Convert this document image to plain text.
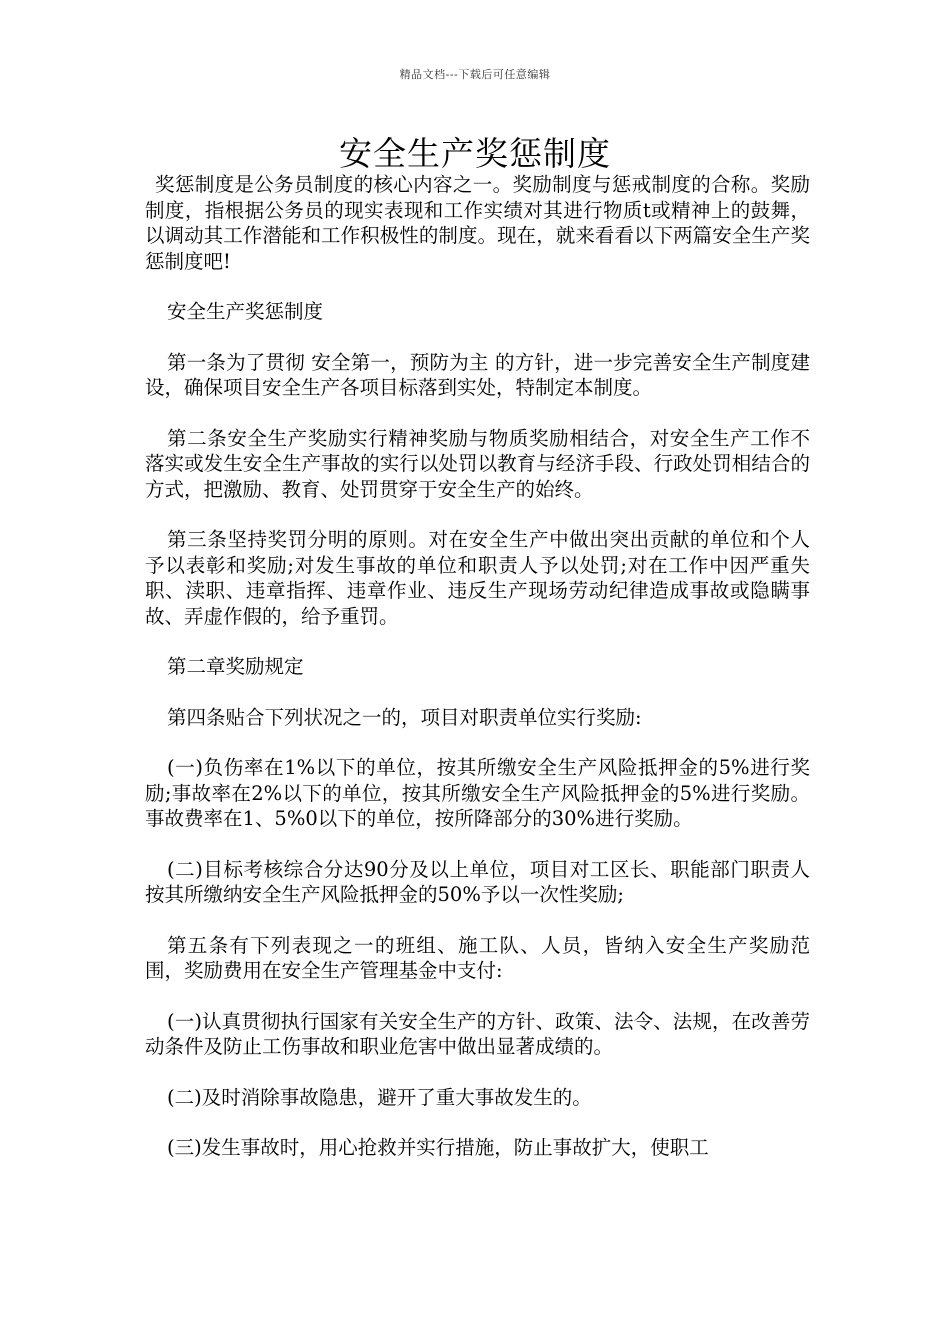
精品文档---下载后可任意编辑
安全生产奖惩制度

奖惩制度是公务员制度的核心内容之一。奖励制度与惩戒制度的合称。奖励制度，指根据公务员的现实表现和工作实绩对其进行物质t或精神上的鼓舞，以调动其工作潜能和工作积极性的制度。现在，就来看看以下两篇安全生产奖惩制度吧!

安全生产奖惩制度

第一条为了贯彻 安全第一，预防为主 的方针，进一步完善安全生产制度建设，确保项目安全生产各项目标落到实处，特制定本制度。

第二条安全生产奖励实行精神奖励与物质奖励相结合，对安全生产工作不落实或发生安全生产事故的实行以处罚以教育与经济手段、行政处罚相结合的方式，把激励、教育、处罚贯穿于安全生产的始终。

第三条坚持奖罚分明的原则。对在安全生产中做出突出贡献的单位和个人予以表彰和奖励;对发生事故的单位和职责人予以处罚;对在工作中因严重失职、渎职、违章指挥、违章作业、违反生产现场劳动纪律造成事故或隐瞒事故、弄虚作假的，给予重罚。

第二章奖励规定

第四条贴合下列状况之一的，项目对职责单位实行奖励:

(一)负伤率在1%以下的单位，按其所缴安全生产风险抵押金的5%进行奖励;事故率在2%以下的单位，按其所缴安全生产风险抵押金的5%进行奖励。事故费率在1、5%0以下的单位，按所降部分的30%进行奖励。

(二)目标考核综合分达90分及以上单位，项目对工区长、职能部门职责人按其所缴纳安全生产风险抵押金的50%予以一次性奖励;

第五条有下列表现之一的班组、施工队、人员，皆纳入安全生产奖励范围，奖励费用在安全生产管理基金中支付:

(一)认真贯彻执行国家有关安全生产的方针、政策、法令、法规，在改善劳动条件及防止工伤事故和职业危害中做出显著成绩的。

(二)及时消除事故隐患，避开了重大事故发生的。

(三)发生事故时，用心抢救并实行措施，防止事故扩大，使职工
